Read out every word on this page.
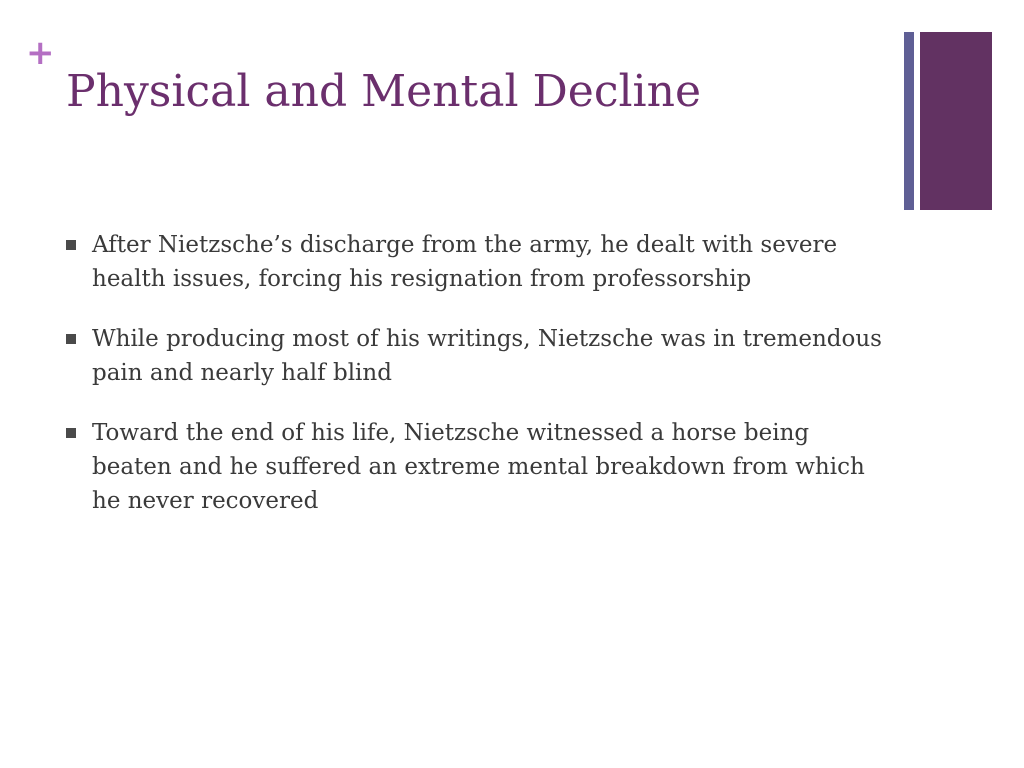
+
Physical and Mental Decline
After Nietzsche’s discharge from the army, he dealt with severe health issues, forcing his resignation from professorship
While producing most of his writings, Nietzsche was in tremendous pain and nearly half blind
Toward the end of his life, Nietzsche witnessed a horse being beaten and he suffered an extreme mental breakdown from which he never recovered
